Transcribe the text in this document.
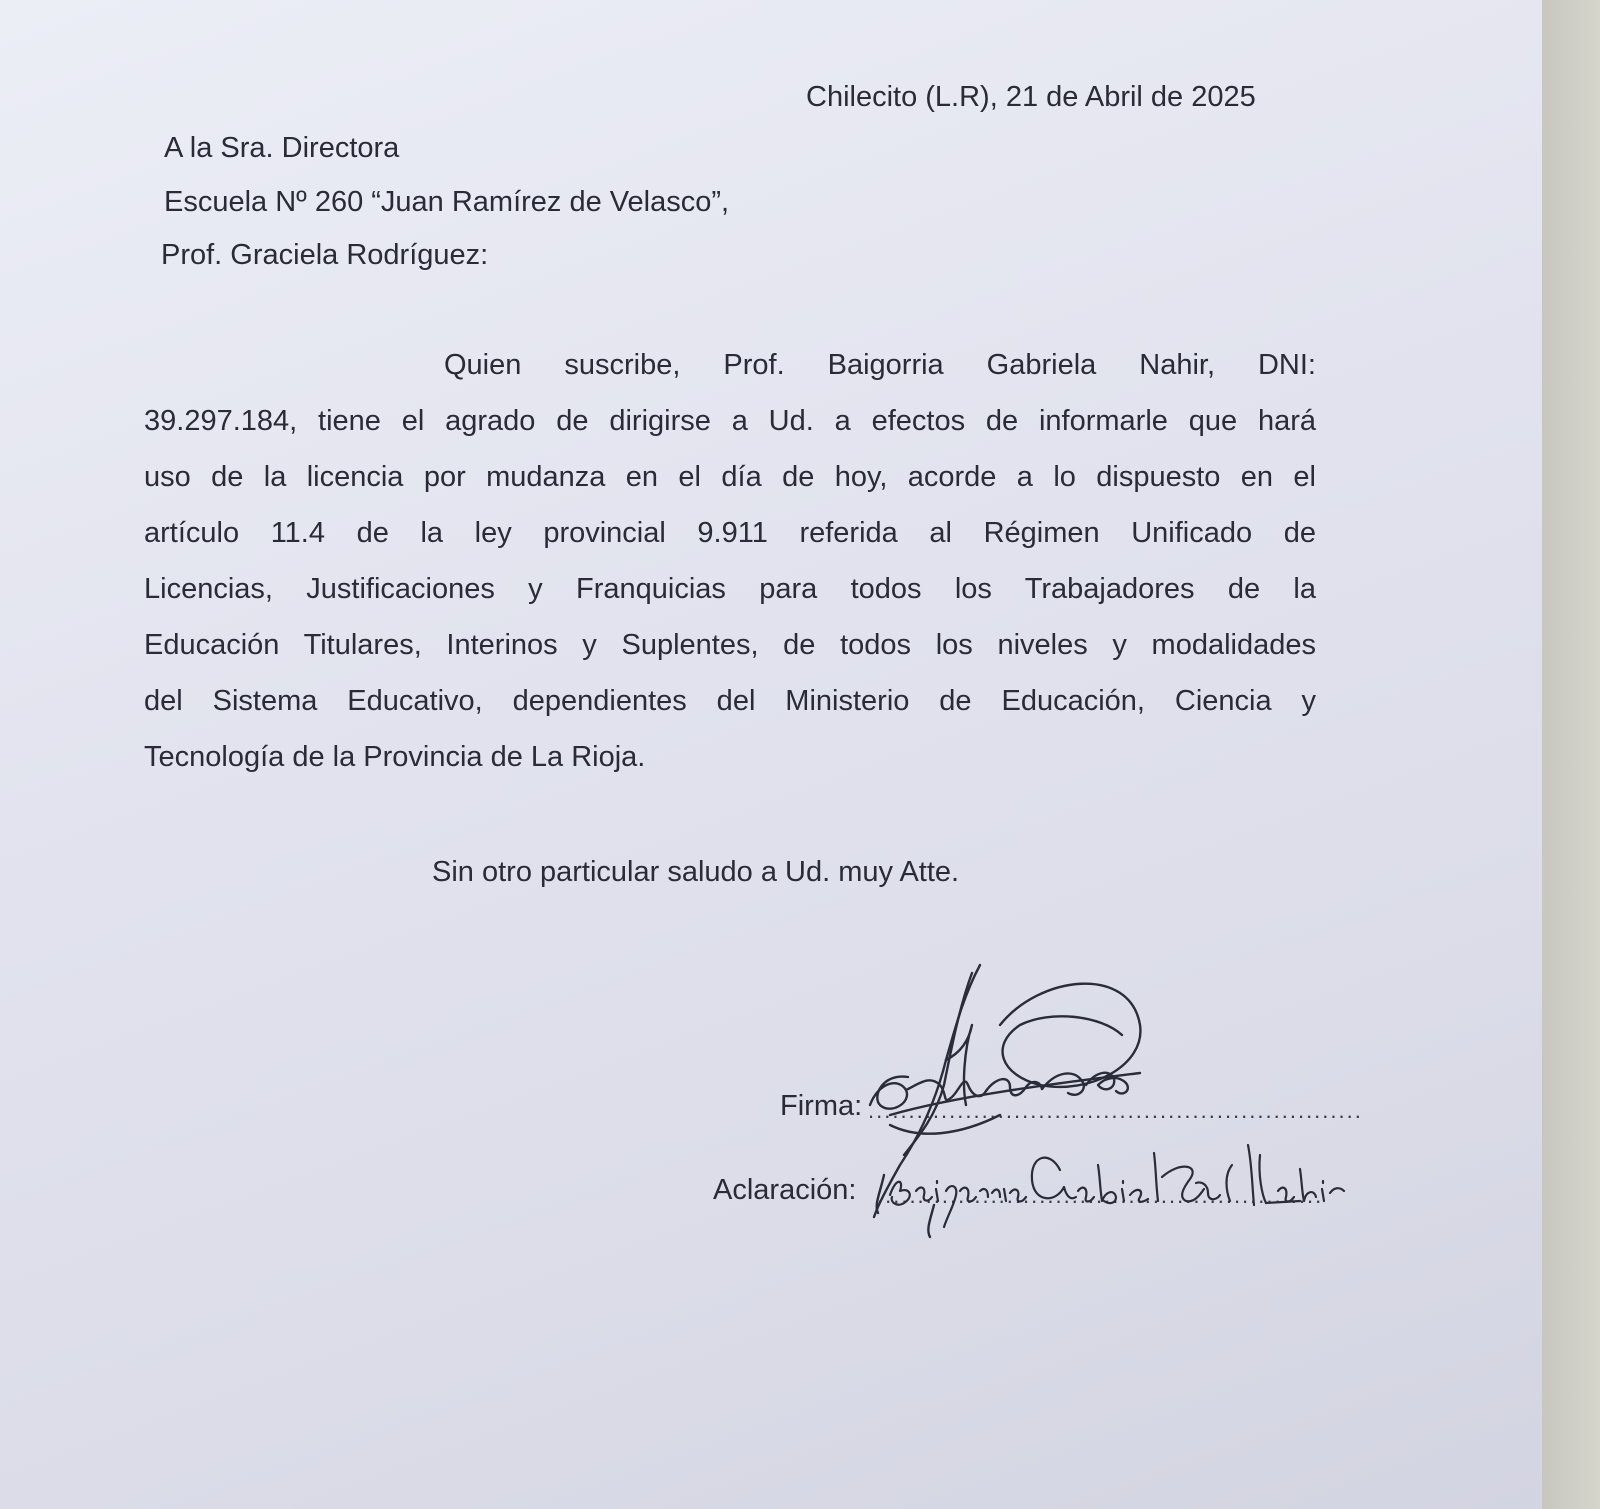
Chilecito (L.R), 21 de Abril de 2025
A la Sra. Directora
Escuela Nº 260 “Juan Ramírez de Velasco”,
Prof. Graciela Rodríguez:
Quien suscribe, Prof. Baigorria Gabriela Nahir, DNI:
39.297.184, tiene el agrado de dirigirse a Ud. a efectos de informarle que hará
uso de la licencia por mudanza en el día de hoy, acorde a lo dispuesto en el
artículo 11.4 de la ley provincial 9.911 referida al Régimen Unificado de
Licencias, Justificaciones y Franquicias para todos los Trabajadores de la
Educación Titulares, Interinos y Suplentes, de todos los niveles y modalidades
del Sistema Educativo, dependientes del Ministerio de Educación, Ciencia y
Tecnología de la Provincia de La Rioja.
Sin otro particular saludo a Ud. muy Atte.
Firma: .............................................................
Aclaración: .......................................................
